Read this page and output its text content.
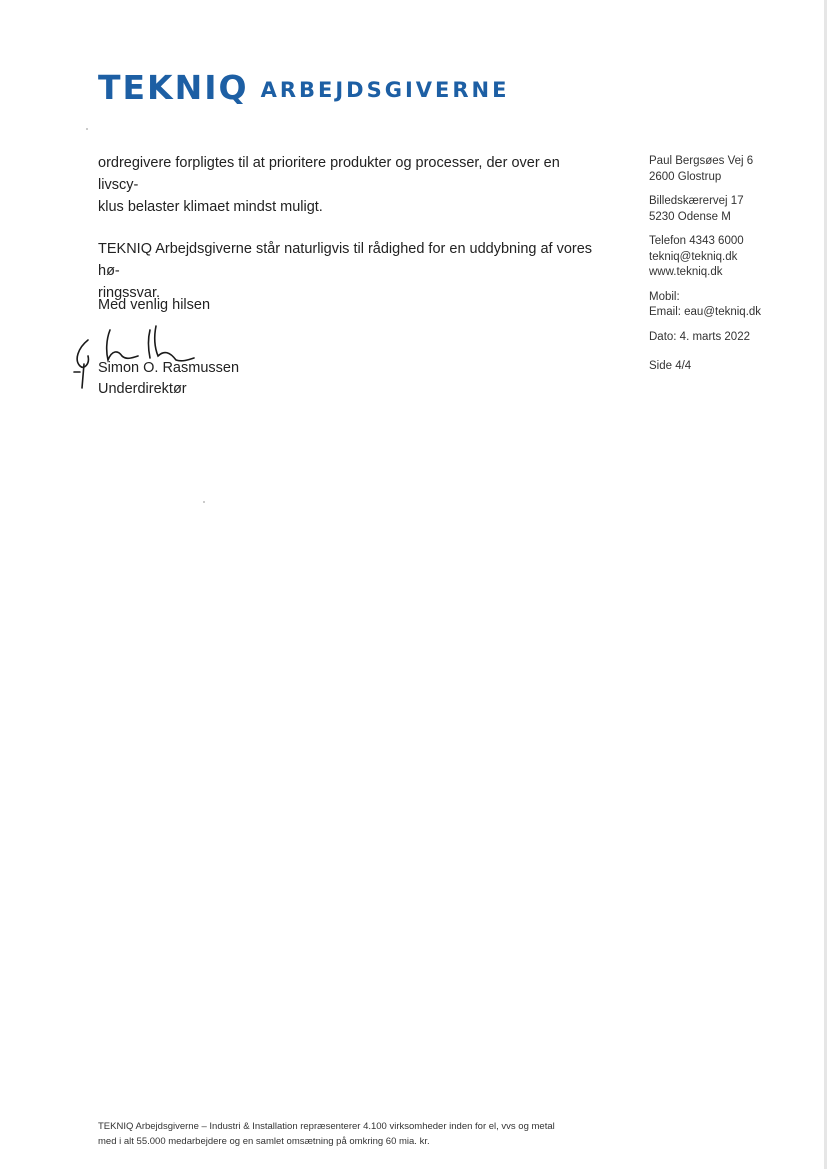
TEKNIQ ARBEJDSGIVERNE

ordregivere forpligtes til at prioritere produkter og processer, der over en livscy-
klus belaster klimaet mindst muligt.

TEKNIQ Arbejdsgiverne står naturligvis til rådighed for en uddybning af vores hø-
ringssvar.

Med venlig hilsen
Simon O. Rasmussen
Underdirektør
Paul Bergsøes Vej 6
2600 Glostrup
Billedskærervej 17
5230 Odense M
Telefon 4343 6000
tekniq@tekniq.dk
www.tekniq.dk
Mobil:
Email: eau@tekniq.dk
Dato: 4. marts 2022
Side 4/4
TEKNIQ Arbejdsgiverne – Industri & Installation repræsenterer 4.100 virksomheder inden for el, vvs og metal
med i alt 55.000 medarbejdere og en samlet omsætning på omkring 60 mia. kr.
